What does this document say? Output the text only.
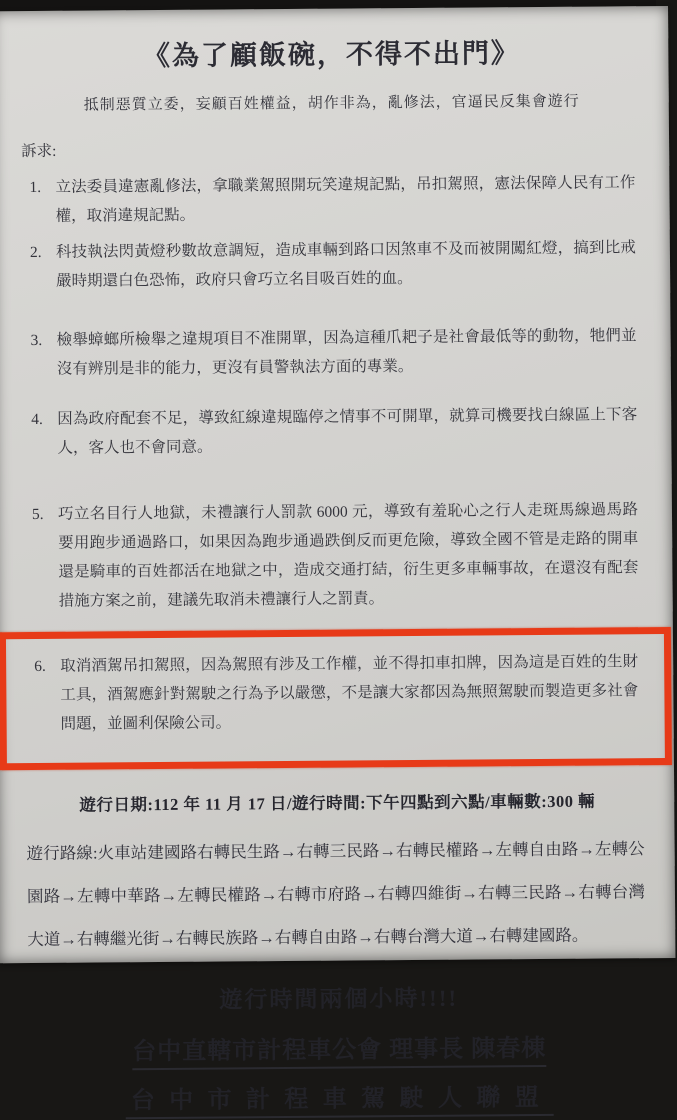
《為了顧飯碗，不得不出門》
抵制惡質立委，妄顧百姓權益，胡作非為，亂修法，官逼民反集會遊行
訴求:
1. 立法委員違憲亂修法，拿職業駕照開玩笑違規記點，吊扣駕照，憲法保障人民有工作權，取消違規記點。
2. 科技執法閃黃燈秒數故意調短，造成車輛到路口因煞車不及而被開闖紅燈，搞到比戒嚴時期還白色恐怖，政府只會巧立名目吸百姓的血。
3. 檢舉蟑螂所檢舉之違規項目不准開單，因為這種爪耙子是社會最低等的動物，牠們並沒有辨別是非的能力，更沒有員警執法方面的專業。
4. 因為政府配套不足，導致紅線違規臨停之情事不可開單，就算司機要找白線區上下客人，客人也不會同意。
5. 巧立名目行人地獄，未禮讓行人罰款 6000 元，導致有羞恥心之行人走斑馬線過馬路要用跑步通過路口，如果因為跑步通過跌倒反而更危險，導致全國不管是走路的開車還是騎車的百姓都活在地獄之中，造成交通打結，衍生更多車輛事故，在還沒有配套措施方案之前，建議先取消未禮讓行人之罰責。
6. 取消酒駕吊扣駕照，因為駕照有涉及工作權，並不得扣車扣牌，因為這是百姓的生財工具，酒駕應針對駕駛之行為予以嚴懲，不是讓大家都因為無照駕駛而製造更多社會問題，並圖利保險公司。
遊行日期:112 年 11 月 17 日/遊行時間:下午四點到六點/車輛數:300 輛
遊行路線:火車站建國路右轉民生路→右轉三民路→右轉民權路→左轉自由路→左轉公園路→左轉中華路→左轉民權路→右轉市府路→右轉四維街→右轉三民路→右轉台灣大道→右轉繼光街→右轉民族路→右轉自由路→右轉台灣大道→右轉建國路。
遊行時間兩個小時!!!!
台中直轄市計程車公會 理事長 陳春棟
台中市計程車駕駛人聯盟
